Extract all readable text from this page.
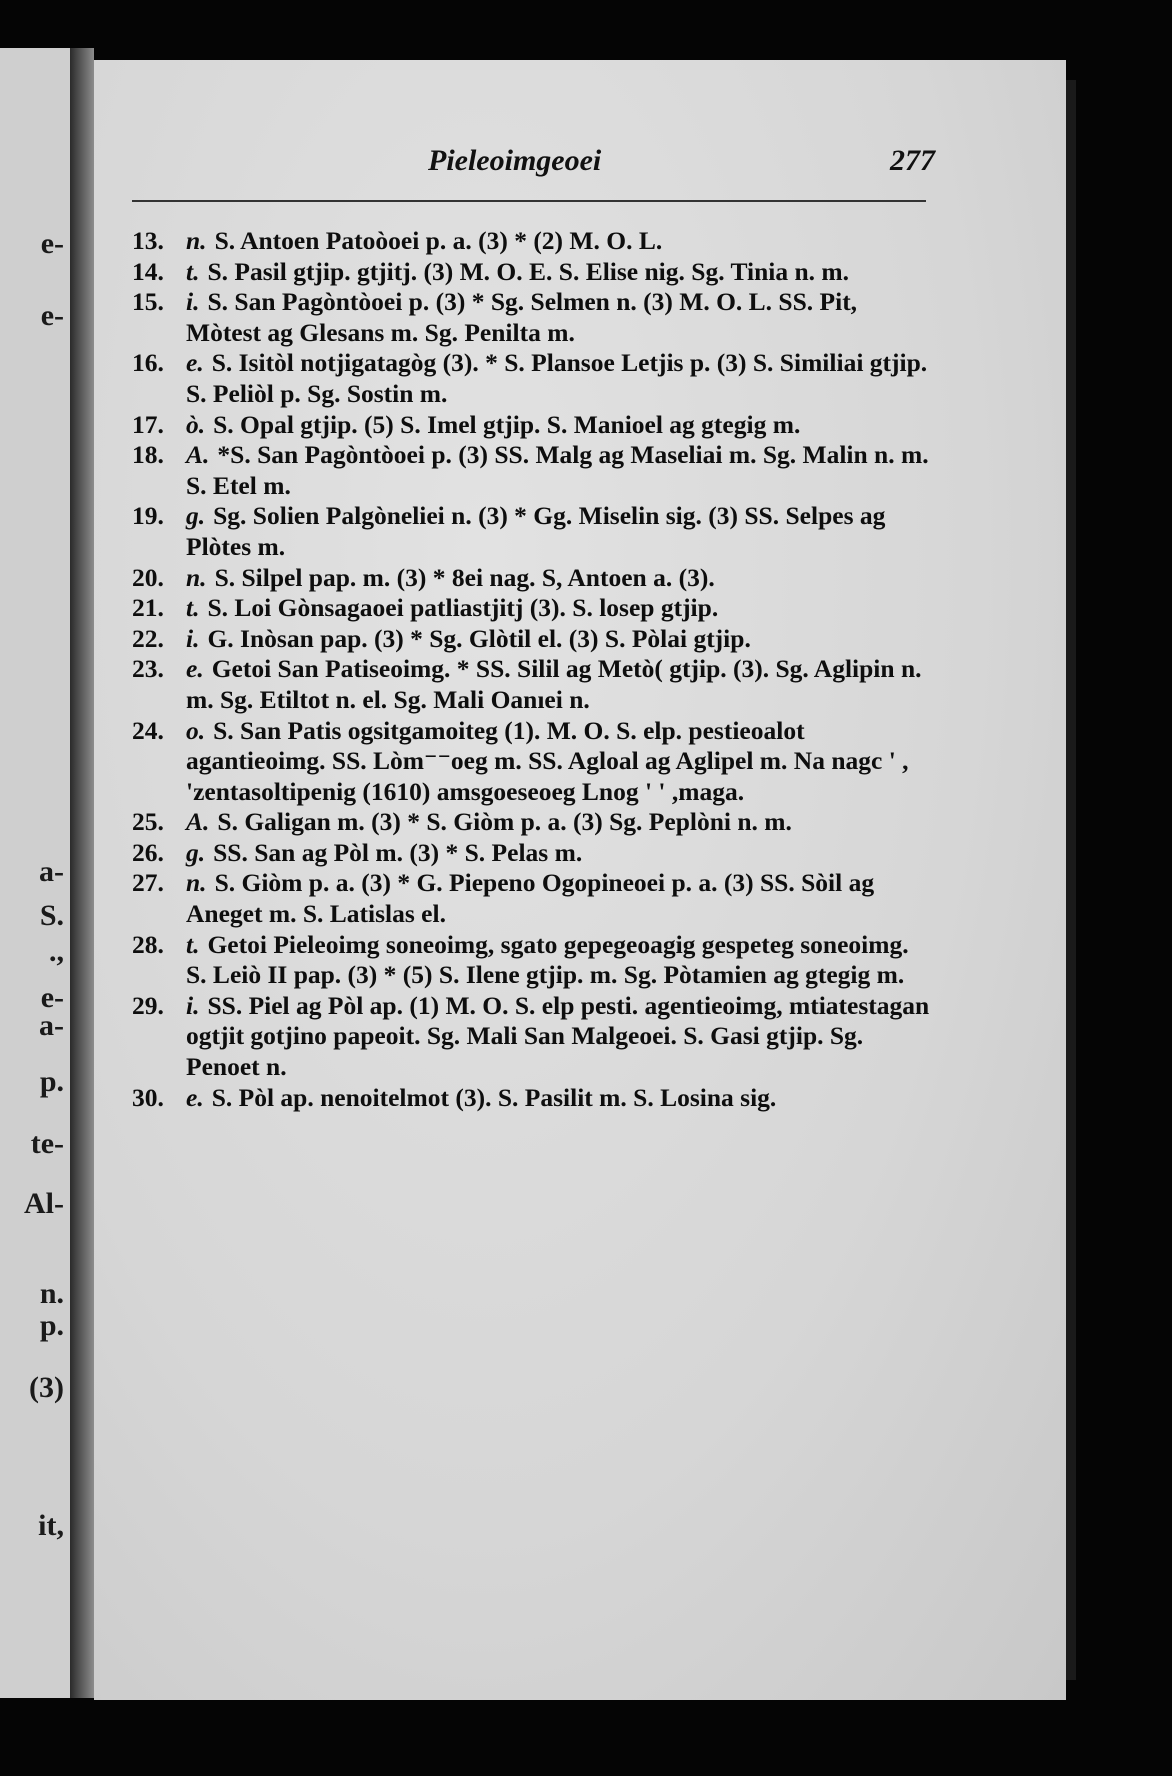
e-
e-
a-
S.
.,
e-
a-
p.
te-
Al-
n.
p.
(3)
it,
Pieleoimgeoei	277
13. n. S. Antoen Patoòoei p. a. (3) * (2) M. O. L.
14. t. S. Pasil gtjip. gtjitj. (3) M. O. E. S. Elise nig. Sg. Tinia n. m.
15. i. S. San Pagòntòoei p. (3) * Sg. Selmen n. (3) M. O. L. SS. Pit, Mòtest ag Glesans m. Sg. Penilta m.
16. e. S. Isitòl notjigatagòg (3). * S. Plansoe Letjis p. (3) S. Similiai gtjip. S. Peliòl p. Sg. Sostin m.
17. ò. S. Opal gtjip. (5) S. Imel gtjip. S. Manioel ag gtegig m.
18. A. *S. San Pagòntòoei p. (3) SS. Malg ag Maseliai m. Sg. Malin n. m. S. Etel m.
19. g. Sg. Solien Palgòneliei n. (3) * Gg. Miselin sig. (3) SS. Selpes ag Plòtes m.
20. n. S. Silpel pap. m. (3) * 8ei nag. S, Antoen a. (3).
21. t. S. Loi Gònsagaoei patliastjitj (3). S. losep gtjip.
22. i. G. Inòsan pap. (3) * Sg. Glòtil el. (3) S. Pòlai gtjip.
23. e. Getoi San Patiseoimg. * SS. Silil ag Metò( gtjip. (3). Sg. Aglipin n. m. Sg. Etiltot n. el. Sg. Mali Oanıei n.
24. o. S. San Patis ogsitgamoiteg (1). M. O. S. elp. pestieoalot agantieoimg. SS. Lòm⁻⁻oeg m. SS. Agloal ag Aglipel m. Na nagc ' , 'zentasoltipenig (1610) amsgoeseoeg Lnog ' ' ,maga.
25. A. S. Galigan m. (3) * S. Giòm p. a. (3) Sg. Peplòni n. m.
26. g. SS. San ag Pòl m. (3) * S. Pelas m.
27. n. S. Giòm p. a. (3) * G. Piepeno Ogopineoei p. a. (3) SS. Sòil ag Aneget m. S. Latislas el.
28. t. Getoi Pieleoimg soneoimg, sgato gepegeoagig gespeteg soneoimg. S. Leiò II pap. (3) * (5) S. Ilene gtjip. m. Sg. Pòtamien ag gtegig m.
29. i. SS. Piel ag Pòl ap. (1) M. O. S. elp pesti. agentieoimg, mtiatestagan ogtjit gotjino papeoit. Sg. Mali San Malgeoei. S. Gasi gtjip. Sg. Penoet n.
30. e. S. Pòl ap. nenoitelmot (3). S. Pasilit m. S. Losina sig.
